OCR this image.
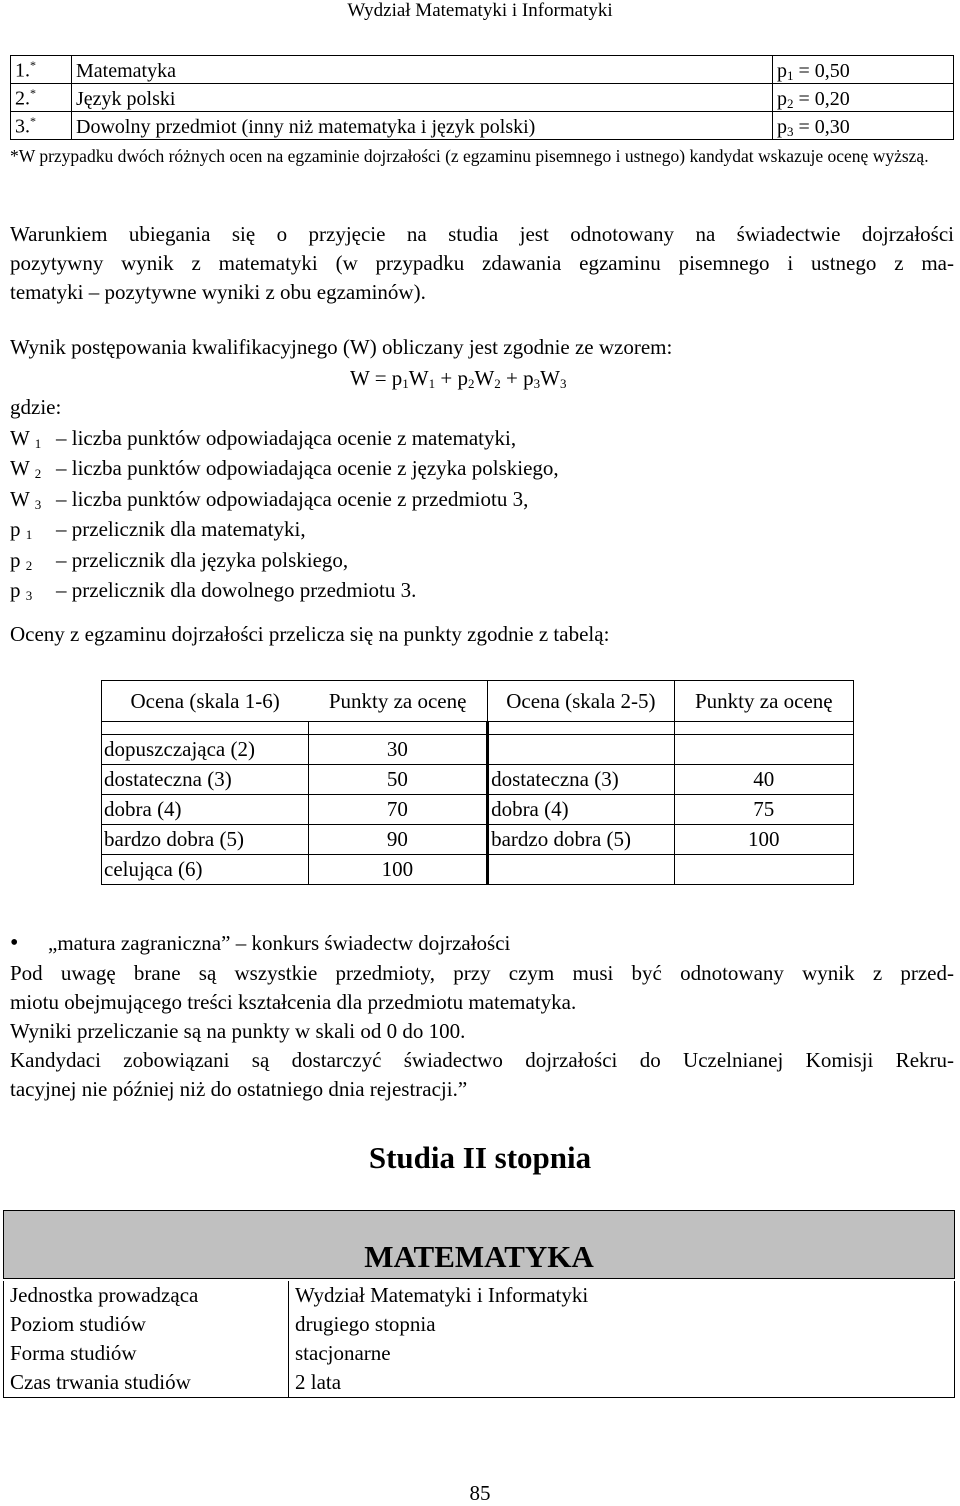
Wydział Matematyki i Informatyki
1.*	Matematyka	$p_1 = 0,50$
2.*	Język polski	$p_2 = 0,20$
3.*	Dowolny przedmiot (inny niż matematyka i język polski)	$p_3 = 0,30$
*W przypadku dwóch różnych ocen na egzaminie dojrzałości (z egzaminu pisemnego i ustnego) kandydat wskazuje ocenę wyższą.
Warunkiem ubiegania się o przyjęcie na studia jest odnotowany na świadectwie dojrzałości
pozytywny wynik z matematyki (w przypadku zdawania egzaminu pisemnego i ustnego z ma-
tematyki – pozytywne wyniki z obu egzaminów).
Wynik postępowania kwalifikacyjnego (W) obliczany jest zgodnie ze wzorem:
$W = p_1W_1 + p_2W_2 + p_3W_3$
gdzie:
W $_1$ – liczba punktów odpowiadająca ocenie z matematyki,
W $_2$ – liczba punktów odpowiadająca ocenie z języka polskiego,
W $_3$ – liczba punktów odpowiadająca ocenie z przedmiotu 3,
p $_1$ – przelicznik dla matematyki,
p $_2$ – przelicznik dla języka polskiego,
p $_3$ – przelicznik dla dowolnego przedmiotu 3.
Oceny z egzaminu dojrzałości przelicza się na punkty zgodnie z tabelą:
Ocena (skala 1-6)	Punkty za ocenę	Ocena (skala 2-5)	Punkty za ocenę

dopuszczająca (2)	30		
dostateczna (3)	50	dostateczna (3)	40
dobra (4)	70	dobra (4)	75
bardzo dobra (5)	90	bardzo dobra (5)	100
celująca (6)	100		
• „matura zagraniczna” – konkurs świadectw dojrzałości
Pod uwagę brane są wszystkie przedmioty, przy czym musi być odnotowany wynik z przed-
miotu obejmującego treści kształcenia dla przedmiotu matematyka.
Wyniki przeliczanie są na punkty w skali od 0 do 100.
Kandydaci zobowiązani są dostarczyć świadectwo dojrzałości do Uczelnianej Komisji Rekru-
tacyjnej nie później niż do ostatniego dnia rejestracji.”
Studia II stopnia
MATEMATYKA
Jednostka prowadząca	Wydział Matematyki i Informatyki
Poziom studiów	drugiego stopnia
Forma studiów	stacjonarne
Czas trwania studiów	2 lata
85
